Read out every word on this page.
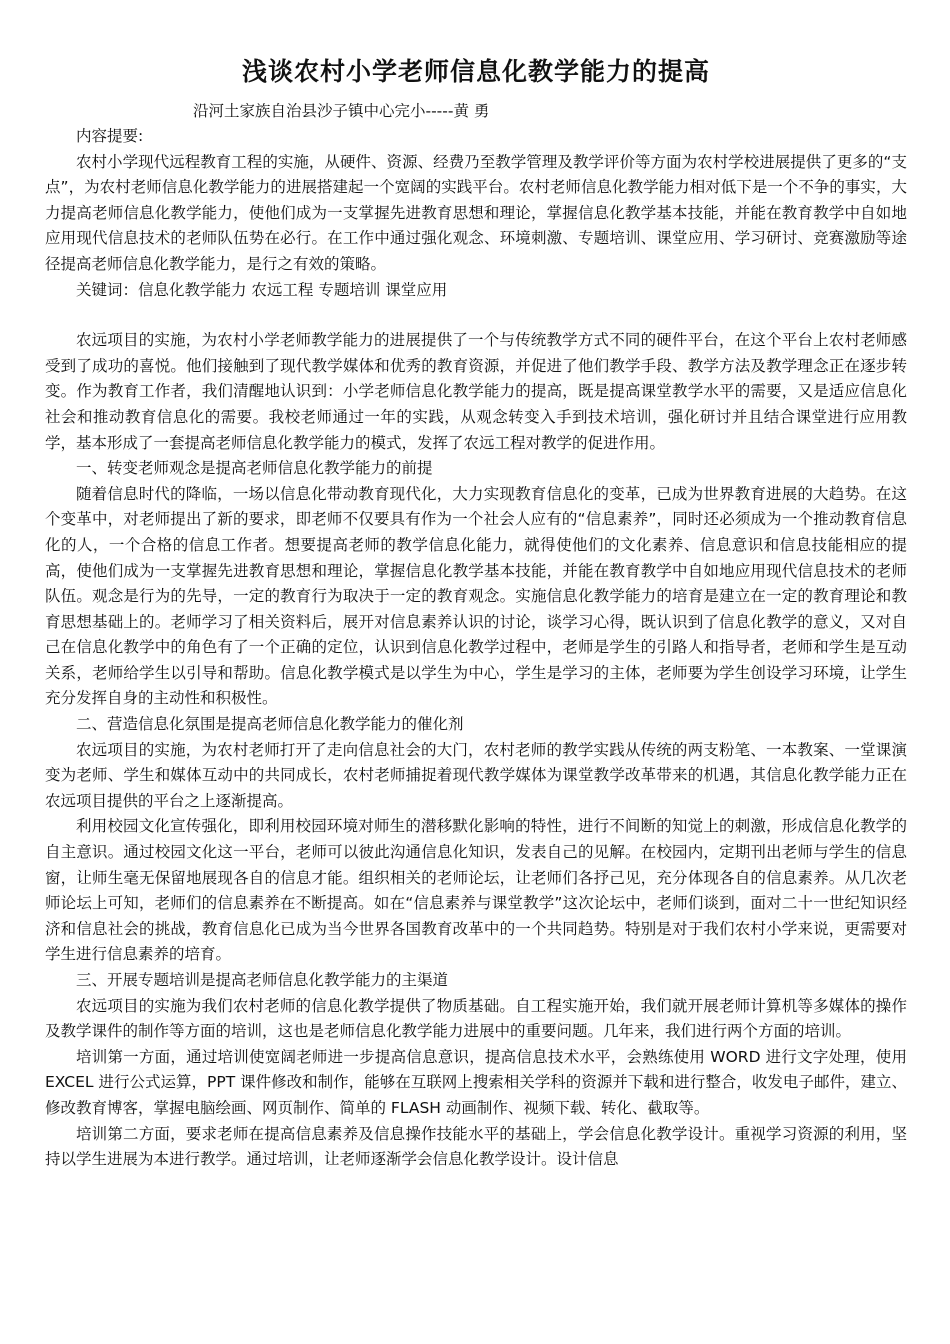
浅谈农村小学老师信息化教学能力的提高
沿河土家族自治县沙子镇中心完小-----黄 勇

内容提要:

农村小学现代远程教育工程的实施，从硬件、资源、经费乃至教学管理及教学评价等方面为农村学校进展提供了更多的“支点”，为农村老师信息化教学能力的进展搭建起一个宽阔的实践平台。农村老师信息化教学能力相对低下是一个不争的事实，大力提高老师信息化教学能力，使他们成为一支掌握先进教育思想和理论，掌握信息化教学基本技能，并能在教育教学中自如地应用现代信息技术的老师队伍势在必行。在工作中通过强化观念、环境刺激、专题培训、课堂应用、学习研讨、竞赛激励等途径提高老师信息化教学能力，是行之有效的策略。

关键词：信息化教学能力 农远工程 专题培训 课堂应用

农远项目的实施，为农村小学老师教学能力的进展提供了一个与传统教学方式不同的硬件平台，在这个平台上农村老师感受到了成功的喜悦。他们接触到了现代教学媒体和优秀的教育资源，并促进了他们教学手段、教学方法及教学理念正在逐步转变。作为教育工作者，我们清醒地认识到：小学老师信息化教学能力的提高，既是提高课堂教学水平的需要，又是适应信息化社会和推动教育信息化的需要。我校老师通过一年的实践，从观念转变入手到技术培训，强化研讨并且结合课堂进行应用教学，基本形成了一套提高老师信息化教学能力的模式，发挥了农远工程对教学的促进作用。

一、转变老师观念是提高老师信息化教学能力的前提

随着信息时代的降临，一场以信息化带动教育现代化，大力实现教育信息化的变革，已成为世界教育进展的大趋势。在这个变革中，对老师提出了新的要求，即老师不仅要具有作为一个社会人应有的“信息素养”，同时还必须成为一个推动教育信息化的人，一个合格的信息工作者。想要提高老师的教学信息化能力，就得使他们的文化素养、信息意识和信息技能相应的提高，使他们成为一支掌握先进教育思想和理论，掌握信息化教学基本技能，并能在教育教学中自如地应用现代信息技术的老师队伍。观念是行为的先导，一定的教育行为取决于一定的教育观念。实施信息化教学能力的培育是建立在一定的教育理论和教育思想基础上的。老师学习了相关资料后，展开对信息素养认识的讨论，谈学习心得，既认识到了信息化教学的意义，又对自己在信息化教学中的角色有了一个正确的定位，认识到信息化教学过程中，老师是学生的引路人和指导者，老师和学生是互动关系，老师给学生以引导和帮助。信息化教学模式是以学生为中心，学生是学习的主体，老师要为学生创设学习环境，让学生充分发挥自身的主动性和积极性。

二、营造信息化氛围是提高老师信息化教学能力的催化剂

农远项目的实施，为农村老师打开了走向信息社会的大门，农村老师的教学实践从传统的两支粉笔、一本教案、一堂课演变为老师、学生和媒体互动中的共同成长，农村老师捕捉着现代教学媒体为课堂教学改革带来的机遇，其信息化教学能力正在农远项目提供的平台之上逐渐提高。

利用校园文化宣传强化，即利用校园环境对师生的潜移默化影响的特性，进行不间断的知觉上的刺激，形成信息化教学的自主意识。通过校园文化这一平台，老师可以彼此沟通信息化知识，发表自己的见解。在校园内，定期刊出老师与学生的信息窗，让师生毫无保留地展现各自的信息才能。组织相关的老师论坛，让老师们各抒己见，充分体现各自的信息素养。从几次老师论坛上可知，老师们的信息素养在不断提高。如在“信息素养与课堂教学”这次论坛中，老师们谈到，面对二十一世纪知识经济和信息社会的挑战，教育信息化已成为当今世界各国教育改革中的一个共同趋势。特别是对于我们农村小学来说，更需要对学生进行信息素养的培育。

三、开展专题培训是提高老师信息化教学能力的主渠道

农远项目的实施为我们农村老师的信息化教学提供了物质基础。自工程实施开始，我们就开展老师计算机等多媒体的操作及教学课件的制作等方面的培训，这也是老师信息化教学能力进展中的重要问题。几年来，我们进行两个方面的培训。

培训第一方面，通过培训使宽阔老师进一步提高信息意识，提高信息技术水平，会熟练使用 WORD 进行文字处理，使用 EXCEL 进行公式运算，PPT 课件修改和制作，能够在互联网上搜索相关学科的资源并下载和进行整合，收发电子邮件，建立、修改教育博客，掌握电脑绘画、网页制作、简单的 FLASH 动画制作、视频下载、转化、截取等。

培训第二方面，要求老师在提高信息素养及信息操作技能水平的基础上，学会信息化教学设计。重视学习资源的利用，坚持以学生进展为本进行教学。通过培训，让老师逐渐学会信息化教学设计。设计信息
